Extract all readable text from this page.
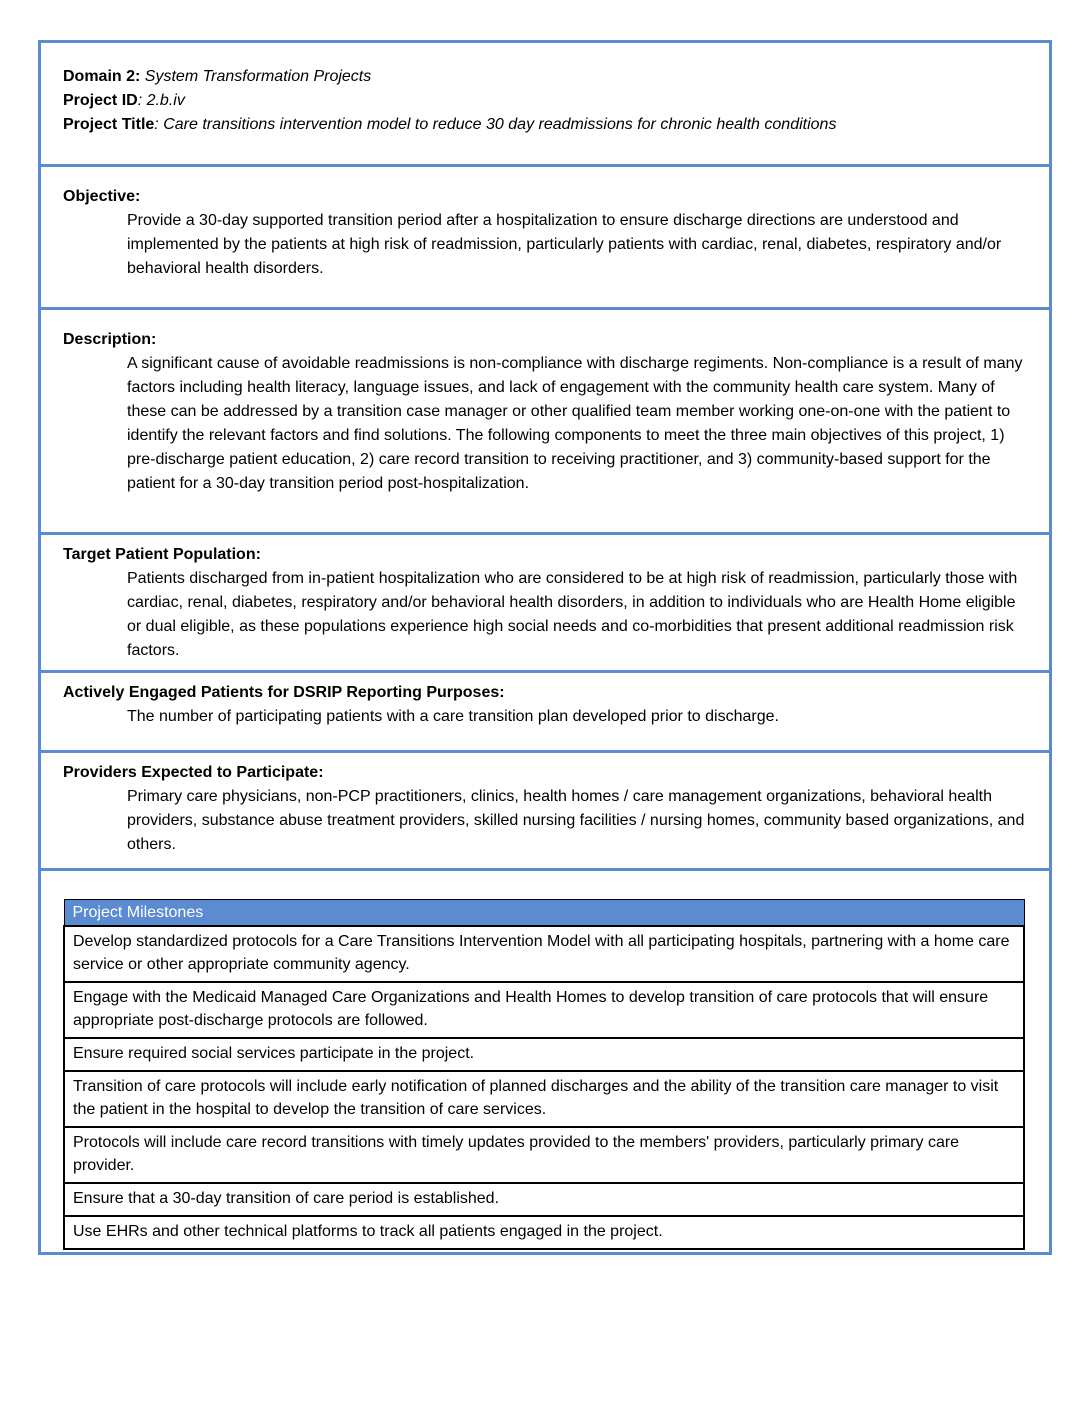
Domain 2: System Transformation Projects
Project ID: 2.b.iv
Project Title: Care transitions intervention model to reduce 30 day readmissions for chronic health conditions
Objective:
Provide a 30-day supported transition period after a hospitalization to ensure discharge directions are understood and implemented by the patients at high risk of readmission, particularly patients with cardiac, renal, diabetes, respiratory and/or behavioral health disorders.
Description:
A significant cause of avoidable readmissions is non-compliance with discharge regiments. Non-compliance is a result of many factors including health literacy, language issues, and lack of engagement with the community health care system. Many of these can be addressed by a transition case manager or other qualified team member working one-on-one with the patient to identify the relevant factors and find solutions. The following components to meet the three main objectives of this project, 1) pre-discharge patient education, 2) care record transition to receiving practitioner, and 3) community-based support for the patient for a 30-day transition period post-hospitalization.
Target Patient Population:
Patients discharged from in-patient hospitalization who are considered to be at high risk of readmission, particularly those with cardiac, renal, diabetes, respiratory and/or behavioral health disorders, in addition to individuals who are Health Home eligible or dual eligible, as these populations experience high social needs and co-morbidities that present additional readmission risk factors.
Actively Engaged Patients for DSRIP Reporting Purposes:
The number of participating patients with a care transition plan developed prior to discharge.
Providers Expected to Participate:
Primary care physicians, non-PCP practitioners, clinics, health homes / care management organizations, behavioral health providers, substance abuse treatment providers, skilled nursing facilities / nursing homes, community based organizations, and others.
Project Milestones
Develop standardized protocols for a Care Transitions Intervention Model with all participating hospitals, partnering with a home care service or other appropriate community agency.
Engage with the Medicaid Managed Care Organizations and Health Homes to develop transition of care protocols that will ensure appropriate post-discharge protocols are followed.
Ensure required social services participate in the project.
Transition of care protocols will include early notification of planned discharges and the ability of the transition care manager to visit the patient in the hospital to develop the transition of care services.
Protocols will include care record transitions with timely updates provided to the members' providers, particularly primary care provider.
Ensure that a 30-day transition of care period is established.
Use EHRs and other technical platforms to track all patients engaged in the project.
